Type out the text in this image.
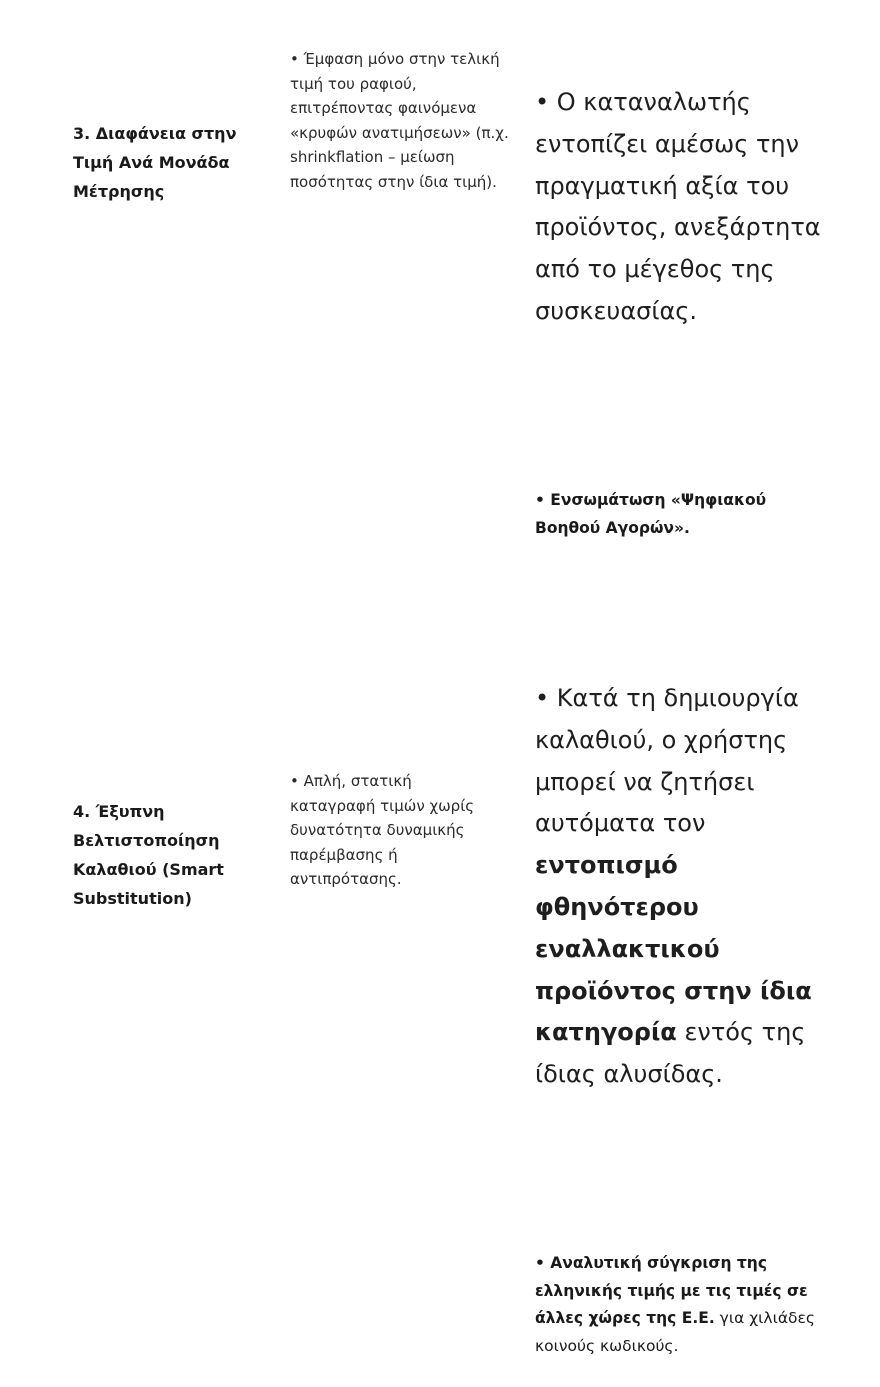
3. Διαφάνεια στην Τιμή Ανά Μονάδα Μέτρησης
• Έμφαση μόνο στην τελική τιμή του ραφιού, επιτρέποντας φαινόμενα «κρυφών ανατιμήσεων» (π.χ. shrinkflation – μείωση ποσότητας στην ίδια τιμή).
• Ο καταναλωτής εντοπίζει αμέσως την πραγματική αξία του προϊόντος, ανεξάρτητα από το μέγεθος της συσκευασίας.
• Ενσωμάτωση «Ψηφιακού Βοηθού Αγορών».
4. Έξυπνη Βελτιστοποίηση Καλαθιού (Smart Substitution)
• Απλή, στατική καταγραφή τιμών χωρίς δυνατότητα δυναμικής παρέμβασης ή αντιπρότασης.
• Κατά τη δημιουργία καλαθιού, ο χρήστης μπορεί να ζητήσει αυτόματα τον εντοπισμό φθηνότερου εναλλακτικού προϊόντος στην ίδια κατηγορία εντός της ίδιας αλυσίδας.
• Αναλυτική σύγκριση της ελληνικής τιμής με τις τιμές σε άλλες χώρες της Ε.Ε. για χιλιάδες κοινούς κωδικούς.
